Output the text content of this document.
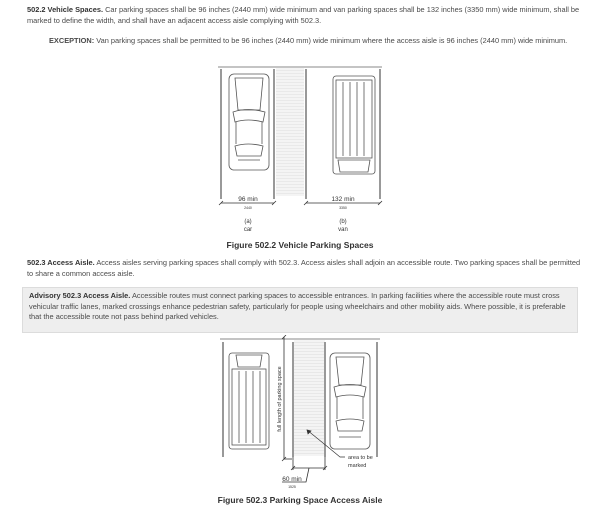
502.2 Vehicle Spaces. Car parking spaces shall be 96 inches (2440 mm) wide minimum and van parking spaces shall be 132 inches (3350 mm) wide minimum, shall be marked to define the width, and shall have an adjacent access aisle complying with 502.3.
EXCEPTION: Van parking spaces shall be permitted to be 96 inches (2440 mm) wide minimum where the access aisle is 96 inches (2440 mm) wide minimum.
96 min
2440
132 min
3350
(a)
car
(b)
van
Figure 502.2 Vehicle Parking Spaces
502.3 Access Aisle. Access aisles serving parking spaces shall comply with 502.3. Access aisles shall adjoin an accessible route. Two parking spaces shall be permitted to share a common access aisle.
Advisory 502.3 Access Aisle. Accessible routes must connect parking spaces to accessible entrances. In parking facilities where the accessible route must cross vehicular traffic lanes, marked crossings enhance pedestrian safety, particularly for people using wheelchairs and other mobility aids. Where possible, it is preferable that the accessible route not pass behind parked vehicles.
full length of parking space
60 min
1525
area to be
marked
Figure 502.3 Parking Space Access Aisle
